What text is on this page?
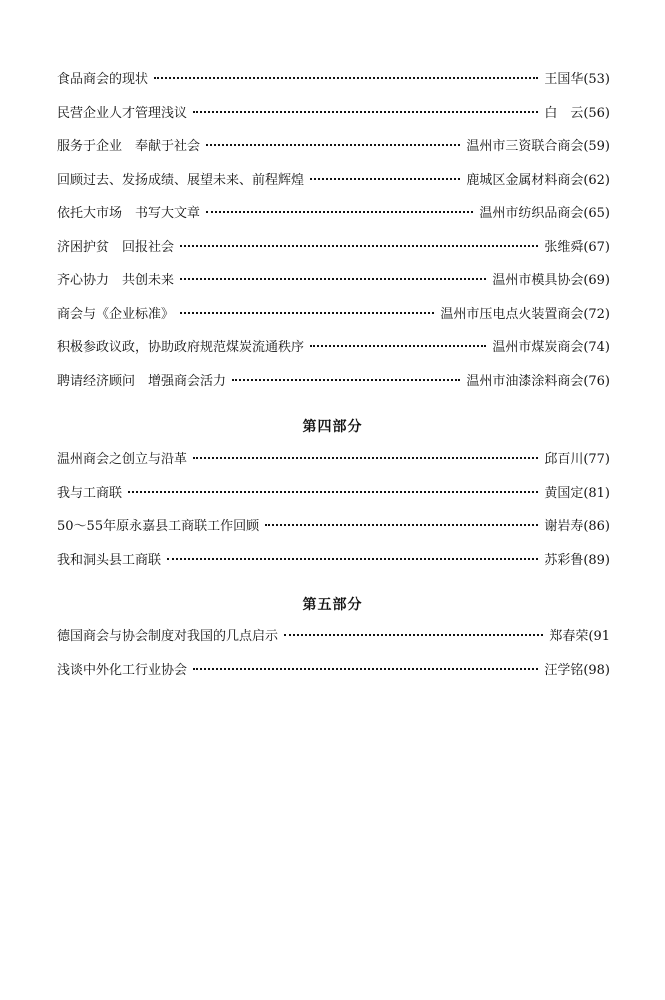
食品商会的现状	王国华(53)
民营企业人才管理浅议	白　云(56)
服务于企业　奉献于社会	温州市三资联合商会(59)
回顾过去、发扬成绩、展望未来、前程辉煌	鹿城区金属材料商会(62)
依托大市场　书写大文章	温州市纺织品商会(65)
济困护贫　回报社会	张维舜(67)
齐心协力　共创未来	温州市模具协会(69)
商会与《企业标准》	温州市压电点火装置商会(72)
积极参政议政，协助政府规范煤炭流通秩序	温州市煤炭商会(74)
聘请经济顾问　增强商会活力	温州市油漆涂料商会(76)
第四部分
温州商会之创立与沿革	邱百川(77)
我与工商联	黄国定(81)
50～55年原永嘉县工商联工作回顾	谢岩寿(86)
我和洞头县工商联	苏彩鲁(89)
第五部分
德国商会与协会制度对我国的几点启示	郑春荣(91
浅谈中外化工行业协会	汪学铭(98)
